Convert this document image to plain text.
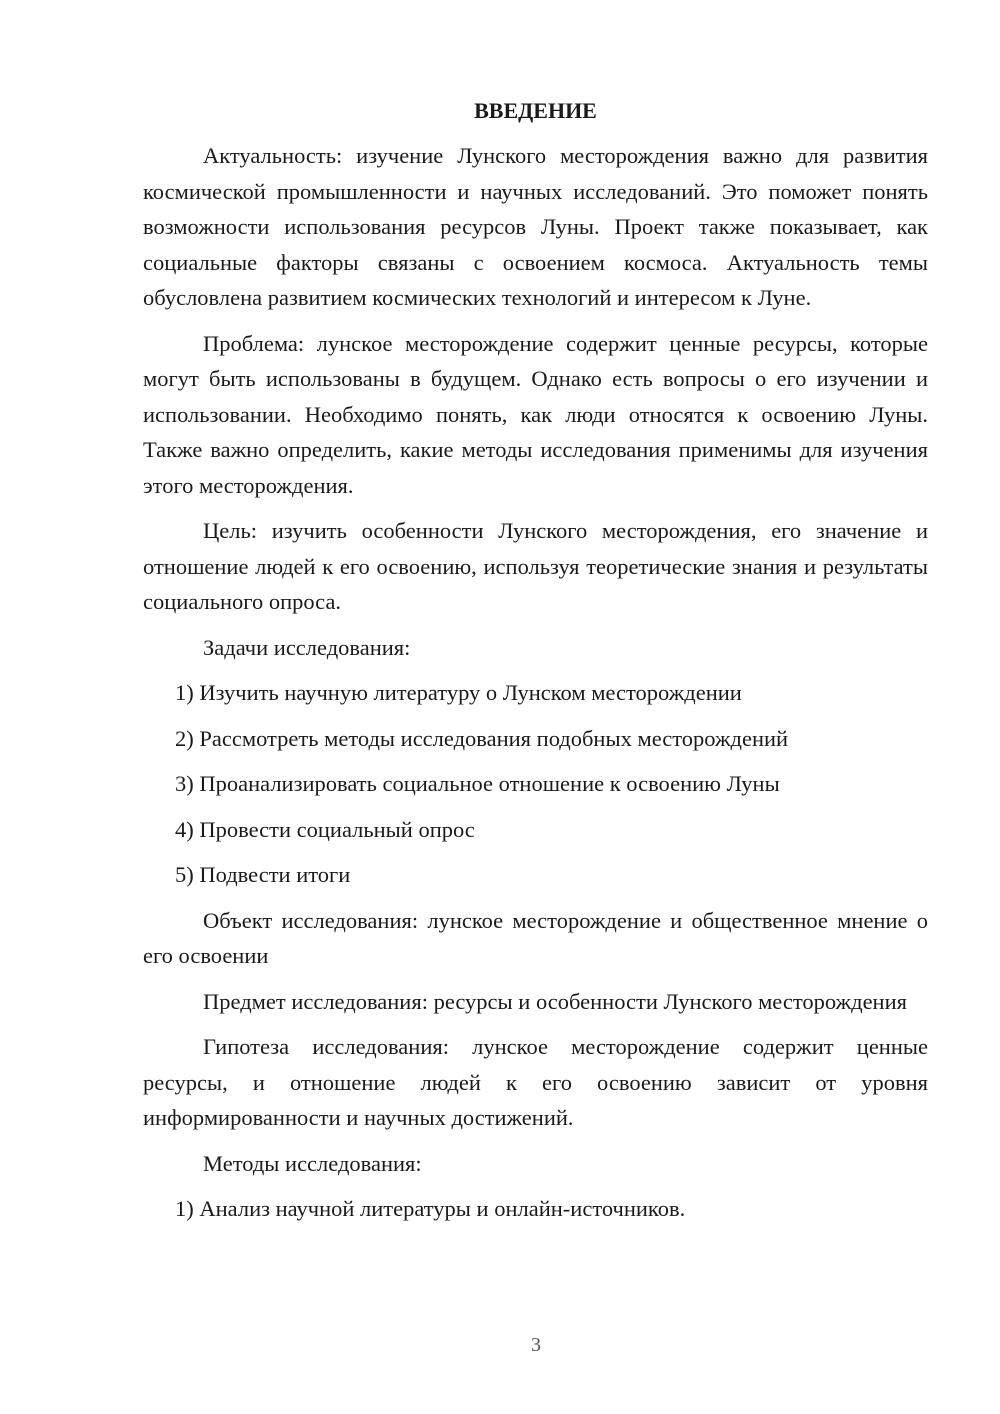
ВВЕДЕНИЕ

Актуальность: изучение Лунского месторождения важно для развития космической промышленности и научных исследований. Это поможет понять возможности использования ресурсов Луны. Проект также показывает, как социальные факторы связаны с освоением космоса. Актуальность темы обусловлена развитием космических технологий и интересом к Луне.

Проблема: лунское месторождение содержит ценные ресурсы, которые могут быть использованы в будущем. Однако есть вопросы о его изучении и использовании. Необходимо понять, как люди относятся к освоению Луны. Также важно определить, какие методы исследования применимы для изучения этого месторождения.

Цель: изучить особенности Лунского месторождения, его значение и отношение людей к его освоению, используя теоретические знания и результаты социального опроса.

Задачи исследования:

1) Изучить научную литературу о Лунском месторождении

2) Рассмотреть методы исследования подобных месторождений

3) Проанализировать социальное отношение к освоению Луны

4) Провести социальный опрос

5) Подвести итоги

Объект исследования: лунское месторождение и общественное мнение о его освоении

Предмет исследования: ресурсы и особенности Лунского месторождения

Гипотеза исследования: лунское месторождение содержит ценные ресурсы, и отношение людей к его освоению зависит от уровня информированности и научных достижений.

Методы исследования:

1) Анализ научной литературы и онлайн-источников.

3
